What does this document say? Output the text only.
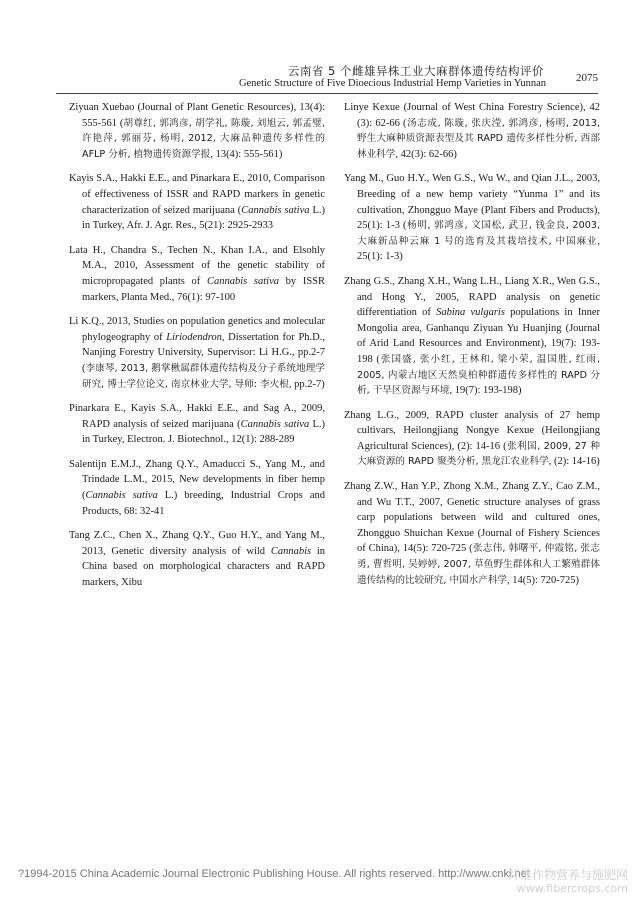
云南省 5 个雌雄异株工业大麻群体遗传结构评价
Genetic Structure of Five Dioecious Industrial Hemp Varieties in Yunnan	2075

Ziyuan Xuebao (Journal of Plant Genetic Resources), 13(4): 555-561 (胡尊红, 郭鸿彦, 胡学礼, 陈璇, 刘旭云, 郭孟璧, 许艳萍, 郭丽芬, 杨明, 2012, 大麻品种遗传多样性的 AFLP 分析, 植物遗传资源学报, 13(4): 555-561)

Kayis S.A., Hakki E.E., and Pinarkara E., 2010, Comparison of effectiveness of ISSR and RAPD markers in genetic characterization of seized marijuana (Cannabis sativa L.) in Turkey, Afr. J. Agr. Res., 5(21): 2925-2933

Lata H., Chandra S., Techen N., Khan I.A., and Elsohly M.A., 2010, Assessment of the genetic stability of micropropagated plants of Cannabis sativa by ISSR markers, Planta Med., 76(1): 97-100

Li K.Q., 2013, Studies on population genetics and molecular phylogeography of Liriodendron, Dissertation for Ph.D., Nanjing Forestry University, Supervisor: Li H.G., pp.2-7 (李康琴, 2013, 鹅掌楸属群体遗传结构及分子系统地理学研究, 博士学位论文, 南京林业大学, 导师: 李火根, pp.2-7)

Pinarkara E., Kayis S.A., Hakki E.E., and Sag A., 2009, RAPD analysis of seized marijuana (Cannabis sativa L.) in Turkey, Electron. J. Biotechnol., 12(1): 288-289

Salentijn E.M.J., Zhang Q.Y., Amaducci S., Yang M., and Trindade L.M., 2015, New developments in fiber hemp (Cannabis sativa L.) breeding, Industrial Crops and Products, 68: 32-41

Tang Z.C., Chen X., Zhang Q.Y., Guo H.Y., and Yang M., 2013, Genetic diversity analysis of wild Cannabis in China based on morphological characters and RAPD markers, Xibu

Linye Kexue (Journal of West China Forestry Science), 42 (3): 62-66 (汤志成, 陈璇, 张庆滢, 郭鸿彦, 杨明, 2013, 野生大麻种质资源表型及其 RAPD 遗传多样性分析, 西部林业科学, 42(3): 62-66)

Yang M., Guo H.Y., Wen G.S., Wu W., and Qian J.L., 2003, Breeding of a new hemp variety “Yunma 1” and its cultivation, Zhongguo Maye (Plant Fibers and Products), 25(1): 1-3 (杨明, 郭鸿彦, 文国松, 武卫, 钱金良, 2003, 大麻新品种云麻 1 号的选育及其栽培技术, 中国麻业, 25(1): 1-3)

Zhang G.S., Zhang X.H., Wang L.H., Liang X.R., Wen G.S., and Hong Y., 2005, RAPD analysis on genetic differentiation of Sabina vulgaris populations in Inner Mongolia area, Ganhanqu Ziyuan Yu Huanjing (Journal of Arid Land Resources and Environment), 19(7): 193-198 (张国盛, 张小红, 王林和, 梁小荣, 温国胜, 红雨, 2005, 内蒙古地区天然臭柏种群遗传多样性的 RAPD 分析, 干旱区资源与环境, 19(7): 193-198)

Zhang L.G., 2009, RAPD cluster analysis of 27 hemp cultivars, Heilongjiang Nongye Kexue (Heilongjiang Agricultural Sciences), (2): 14-16 (张利国, 2009, 27 种大麻资源的 RAPD 聚类分析, 黑龙江农业科学, (2): 14-16)

Zhang Z.W., Han Y.P., Zhong X.M., Zhang Z.Y., Cao Z.M., and Wu T.T., 2007, Genetic structure analyses of grass carp populations between wild and cultured ones, Zhongguo Shuichan Kexue (Journal of Fishery Sciences of China), 14(5): 720-725 (张志伟, 韩曙平, 仲霞铭, 张志勇, 曹哲明, 吴婷婷, 2007, 草鱼野生群体和人工繁殖群体遗传结构的比较研究, 中国水产科学, 14(5): 720-725)

?1994-2015 China Academic Journal Electronic Publishing House. All rights reserved. http://www.cnki.net
纤维作物营养与施肥网
www.fibercrops.com
